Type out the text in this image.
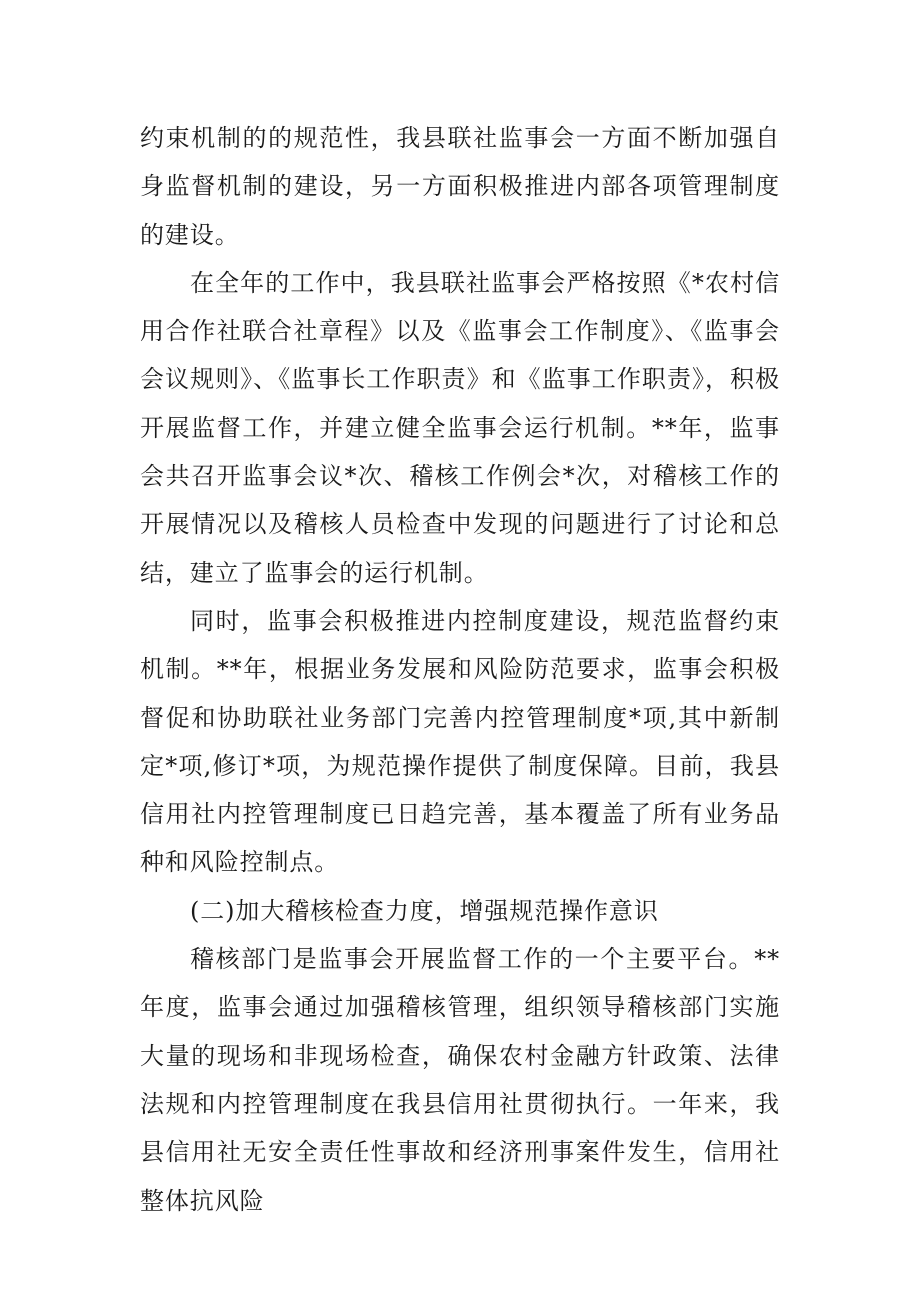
约束机制的的规范性，我县联社监事会一方面不断加强自身监督机制的建设，另一方面积极推进内部各项管理制度的建设。

在全年的工作中，我县联社监事会严格按照《*农村信用合作社联合社章程》以及《监事会工作制度》、《监事会会议规则》、《监事长工作职责》和《监事工作职责》，积极开展监督工作，并建立健全监事会运行机制。**年，监事会共召开监事会议*次、稽核工作例会*次，对稽核工作的开展情况以及稽核人员检查中发现的问题进行了讨论和总结，建立了监事会的运行机制。

同时，监事会积极推进内控制度建设，规范监督约束机制。**年，根据业务发展和风险防范要求，监事会积极督促和协助联社业务部门完善内控管理制度*项,其中新制定*项,修订*项，为规范操作提供了制度保障。目前，我县信用社内控管理制度已日趋完善，基本覆盖了所有业务品种和风险控制点。

(二)加大稽核检查力度，增强规范操作意识

稽核部门是监事会开展监督工作的一个主要平台。**年度，监事会通过加强稽核管理，组织领导稽核部门实施大量的现场和非现场检查，确保农村金融方针政策、法律法规和内控管理制度在我县信用社贯彻执行。一年来，我县信用社无安全责任性事故和经济刑事案件发生，信用社整体抗风险
